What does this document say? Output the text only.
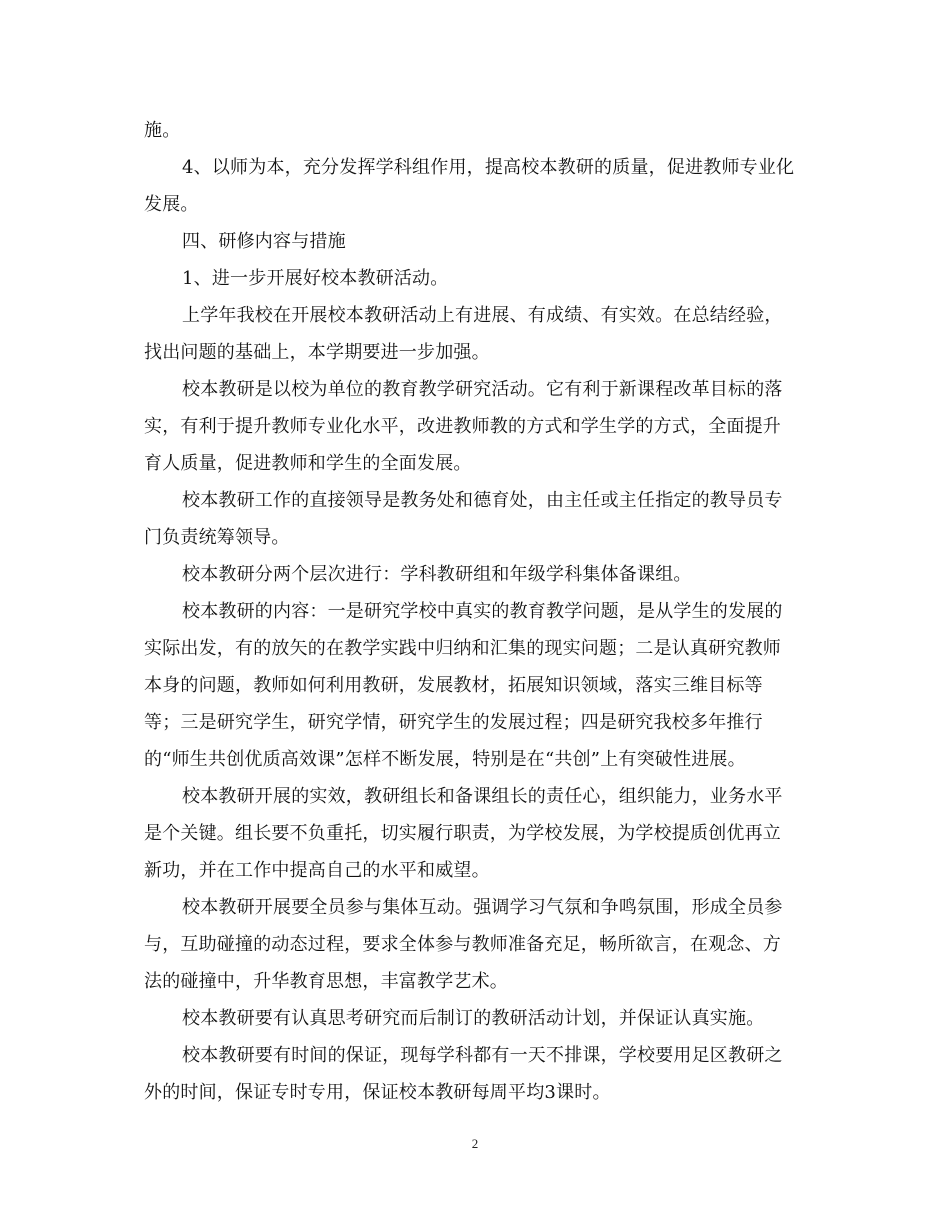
施。
4、以师为本，充分发挥学科组作用，提高校本教研的质量，促进教师专业化
发展。
四、研修内容与措施
1、进一步开展好校本教研活动。
上学年我校在开展校本教研活动上有进展、有成绩、有实效。在总结经验，
找出问题的基础上，本学期要进一步加强。
校本教研是以校为单位的教育教学研究活动。它有利于新课程改革目标的落
实，有利于提升教师专业化水平，改进教师教的方式和学生学的方式，全面提升
育人质量，促进教师和学生的全面发展。
校本教研工作的直接领导是教务处和德育处，由主任或主任指定的教导员专
门负责统筹领导。
校本教研分两个层次进行：学科教研组和年级学科集体备课组。
校本教研的内容：一是研究学校中真实的教育教学问题，是从学生的发展的
实际出发，有的放矢的在教学实践中归纳和汇集的现实问题；二是认真研究教师
本身的问题，教师如何利用教研，发展教材，拓展知识领域，落实三维目标等
等；三是研究学生，研究学情，研究学生的发展过程；四是研究我校多年推行
的“师生共创优质高效课”怎样不断发展，特别是在“共创”上有突破性进展。
校本教研开展的实效，教研组长和备课组长的责任心，组织能力，业务水平
是个关键。组长要不负重托，切实履行职责，为学校发展，为学校提质创优再立
新功，并在工作中提高自己的水平和威望。
校本教研开展要全员参与集体互动。强调学习气氛和争鸣氛围，形成全员参
与，互助碰撞的动态过程，要求全体参与教师准备充足，畅所欲言，在观念、方
法的碰撞中，升华教育思想，丰富教学艺术。
校本教研要有认真思考研究而后制订的教研活动计划，并保证认真实施。
校本教研要有时间的保证，现每学科都有一天不排课，学校要用足区教研之
外的时间，保证专时专用，保证校本教研每周平均3课时。
2
